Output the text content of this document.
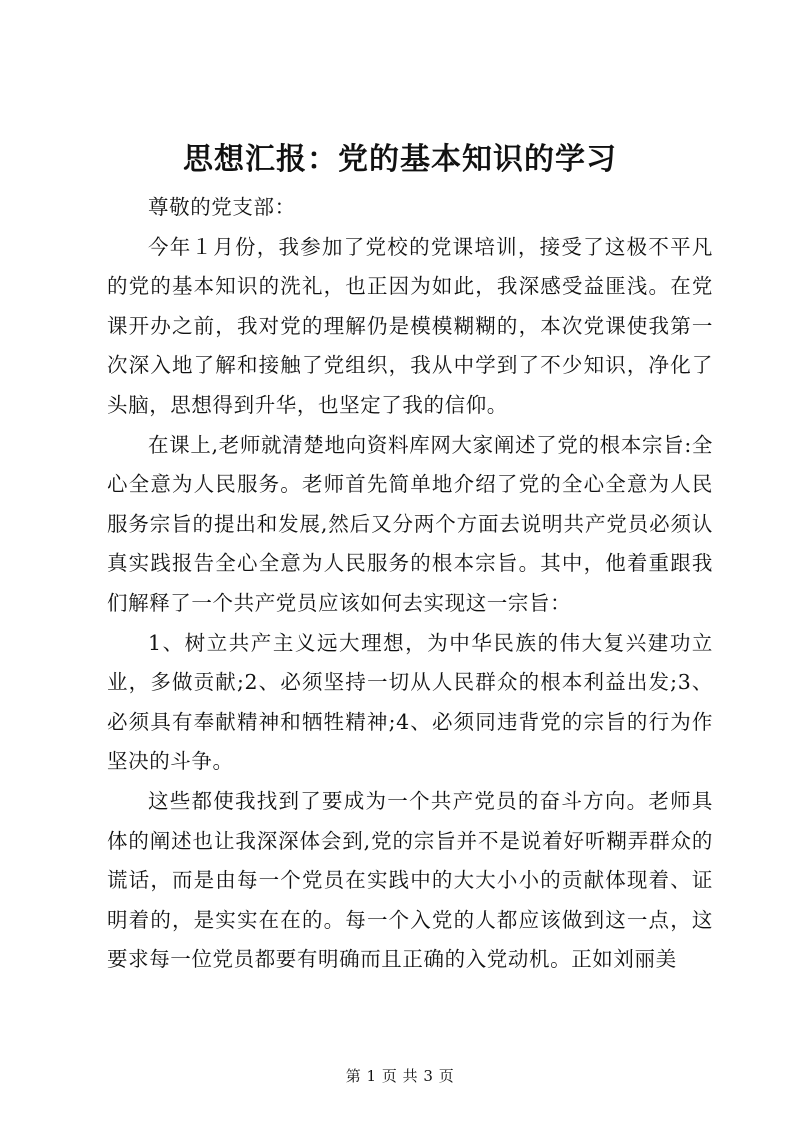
思想汇报：党的基本知识的学习

尊敬的党支部：

今年１月份，我参加了党校的党课培训，接受了这极不平凡的党的基本知识的洗礼，也正因为如此，我深感受益匪浅。在党课开办之前，我对党的理解仍是模模糊糊的，本次党课使我第一次深入地了解和接触了党组织，我从中学到了不少知识，净化了头脑，思想得到升华，也坚定了我的信仰。

在课上,老师就清楚地向资料库网大家阐述了党的根本宗旨:全心全意为人民服务。老师首先简单地介绍了党的全心全意为人民服务宗旨的提出和发展,然后又分两个方面去说明共产党员必须认真实践报告全心全意为人民服务的根本宗旨。其中，他着重跟我们解释了一个共产党员应该如何去实现这一宗旨：

1、树立共产主义远大理想，为中华民族的伟大复兴建功立业，多做贡献;2、必须坚持一切从人民群众的根本利益出发;3、必须具有奉献精神和牺牲精神;4、必须同违背党的宗旨的行为作坚决的斗争。

这些都使我找到了要成为一个共产党员的奋斗方向。老师具体的阐述也让我深深体会到,党的宗旨并不是说着好听糊弄群众的谎话，而是由每一个党员在实践中的大大小小的贡献体现着、证明着的，是实实在在的。每一个入党的人都应该做到这一点，这要求每一位党员都要有明确而且正确的入党动机。正如刘丽美

第 1 页 共 3 页
